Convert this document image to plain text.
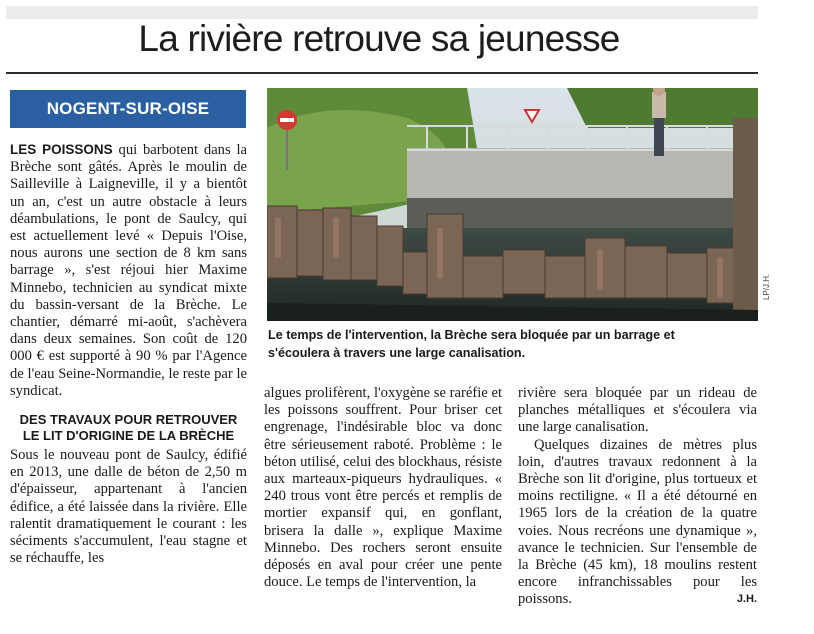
La rivière retrouve sa jeunesse
NOGENT-SUR-OISE

LES POISSONS qui barbotent dans la Brèche sont gâtés. Après le moulin de Sailleville à Laigneville, il y a bientôt un an, c'est un autre obstacle à leurs déambulations, le pont de Saulcy, qui est actuellement levé « Depuis l'Oise, nous aurons une section de 8 km sans barrage », s'est réjoui hier Maxime Minnebo, technicien au syndicat mixte du bassin-versant de la Brèche. Le chantier, démarré mi-août, s'achèvera dans deux semaines. Son coût de 120 000 € est supporté à 90 % par l'Agence de l'eau Seine-Normandie, le reste par le syndicat.

DES TRAVAUX POUR RETROUVER LE LIT D'ORIGINE DE LA BRÈCHE

Sous le nouveau pont de Saulcy, édifié en 2013, une dalle de béton de 2,50 m d'épaisseur, appartenant à l'ancien édifice, a été laissée dans la rivière. Elle ralentit dramatiquement le courant : les séciments s'accumulent, l'eau stagne et se réchauffe, les

LP/J.H.

Le temps de l'intervention, la Brèche sera bloquée par un barrage et s'écoulera à travers une large canalisation.

algues prolifèrent, l'oxygène se raréfie et les poissons souffrent. Pour briser cet engrenage, l'indésirable bloc va donc être sérieusement raboté. Problème : le béton utilisé, celui des blockhaus, résiste aux marteaux-piqueurs hydrauliques. « 240 trous vont être percés et remplis de mortier expansif qui, en gonflant, brisera la dalle », explique Maxime Minnebo. Des rochers seront ensuite déposés en aval pour créer une pente douce. Le temps de l'intervention, la

rivière sera bloquée par un rideau de planches métalliques et s'écoulera via une large canalisation.

Quelques dizaines de mètres plus loin, d'autres travaux redonnent à la Brèche son lit d'origine, plus tortueux et moins rectiligne. « Il a été détourné en 1965 lors de la création de la quatre voies. Nous recréons une dynamique », avance le technicien. Sur l'ensemble de la Brèche (45 km), 18 moulins restent encore infranchissables pour les poissons.	J.H.
